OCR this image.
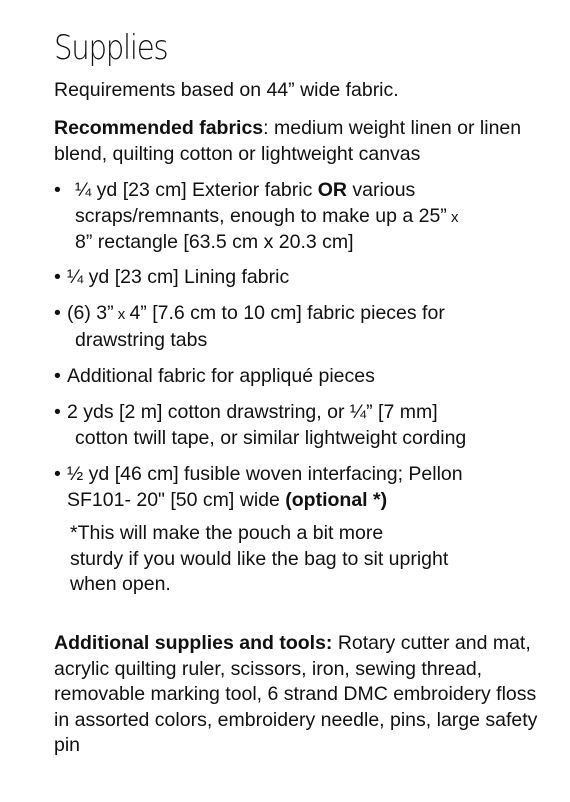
Supplies

Requirements based on 44” wide fabric.

Recommended fabrics: medium weight linen or linen blend, quilting cotton or lightweight canvas

• ¼ yd [23 cm] Exterior fabric OR various
scraps/remnants, enough to make up a 25” x
8” rectangle [63.5 cm x 20.3 cm]

• ¼ yd [23 cm] Lining fabric

• (6) 3” x 4” [7.6 cm to 10 cm] fabric pieces for
drawstring tabs

• Additional fabric for appliqué pieces

• 2 yds [2 m] cotton drawstring, or ¼” [7 mm]
cotton twill tape, or similar lightweight cording

• ½ yd [46 cm] fusible woven interfacing; Pellon
SF101- 20" [50 cm] wide (optional *)

*This will make the pouch a bit more
sturdy if you would like the bag to sit upright
when open.

Additional supplies and tools: Rotary cutter and mat, acrylic quilting ruler, scissors, iron, sewing thread, removable marking tool, 6 strand DMC embroidery floss in assorted colors, embroidery needle, pins, large safety pin
